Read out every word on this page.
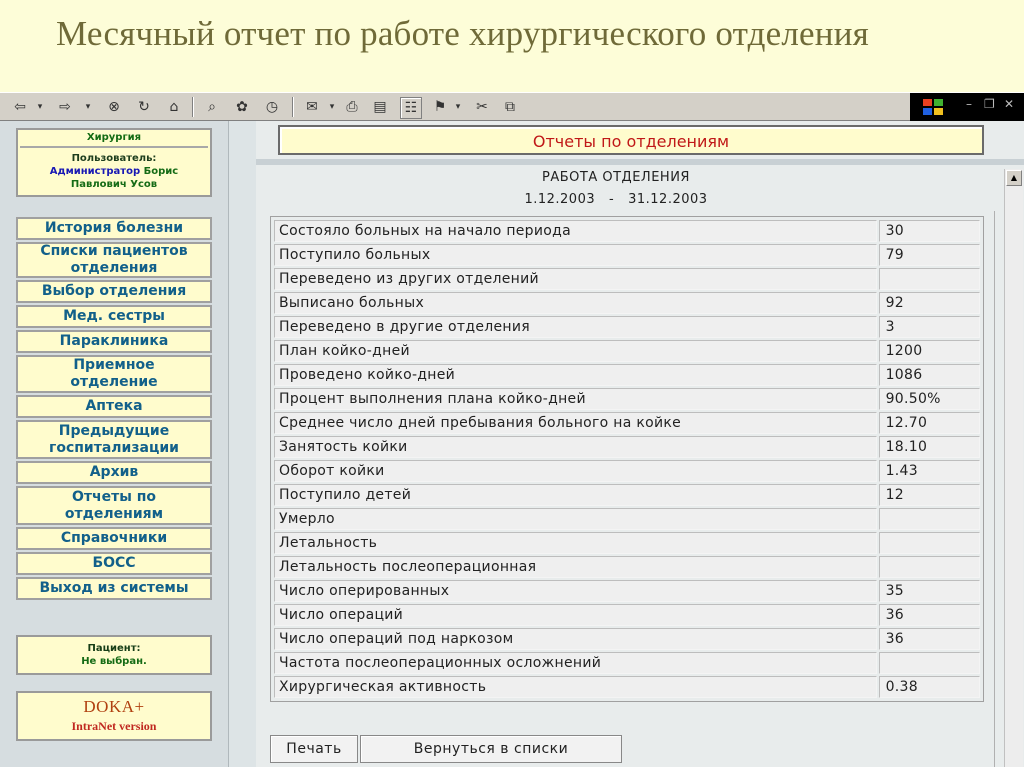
Месячный отчет по работе хирургического отделения
⇦	▾	⇨	▾	⊗ ↻	⌂	⌕	✿ ◷ ✉	▾ ⎙	▤	☷	⚑	▾	✂	⧉	– ❐ ✕
Хирургия
Пользователь:
Администратор Борис
Павлович Усов
История болезни
Списки пациентов
отделения
Выбор отделения
Мед. сестры
Параклиника
Приемное
отделение
Аптека
Предыдущие
госпитализации
Архив
Отчеты по
отделениям
Справочники
БОСС
Выход из системы
Пациент:
Не выбран.
DOKA+
IntraNet version
Отчеты по отделениям
РАБОТА ОТДЕЛЕНИЯ
1.12.2003   -   31.12.2003
Состояло больных на начало периода	30
Поступило больных	79
Переведено из других отделений	
Выписано больных	92
Переведено в другие отделения	3
План койко-дней	1200
Проведено койко-дней	1086
Процент выполнения плана койко-дней	90.50%
Среднее число дней пребывания больного на койке	12.70
Занятость койки	18.10
Оборот койки	1.43
Поступило детей	12
Умерло	
Летальность	
Летальность послеоперационная	
Число оперированных	35
Число операций	36
Число операций под наркозом	36
Частота послеоперационных осложнений	
Хирургическая активность	0.38
▲
Печать	Вернуться в списки
